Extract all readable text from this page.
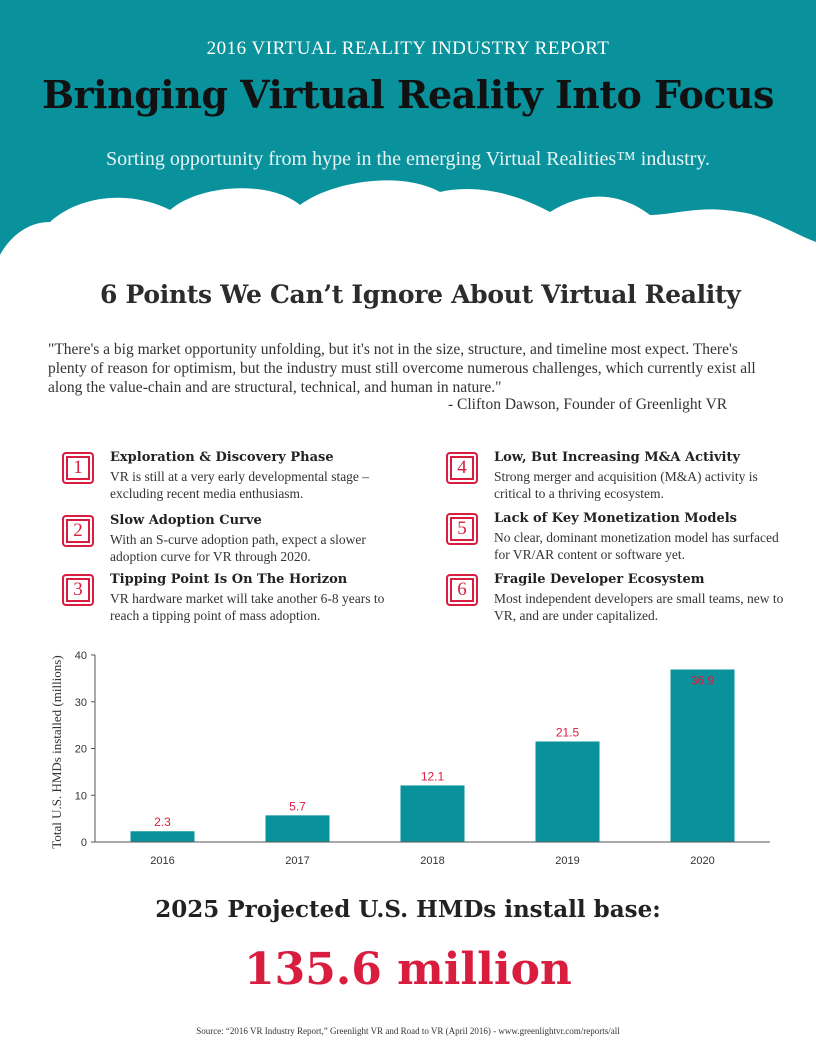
2016 VIRTUAL REALITY INDUSTRY REPORT
Bringing Virtual Reality Into Focus
Sorting opportunity from hype in the emerging Virtual Realities™ industry.
6 Points We Can’t Ignore About Virtual Reality
"There's a big market opportunity unfolding, but it's not in the size, structure, and timeline most expect. There's plenty of reason for optimism, but the industry must still overcome numerous challenges, which currently exist all along the value-chain and are structural, technical, and human in nature."
- Clifton Dawson, Founder of Greenlight VR
1	Exploration & Discovery Phase
VR is still at a very early developmental stage – excluding recent media enthusiasm.
2	Slow Adoption Curve
With an S-curve adoption path, expect a slower adoption curve for VR through 2020.
3	Tipping Point Is On The Horizon
VR hardware market will take another 6-8 years to reach a tipping point of mass adoption.
4	Low, But Increasing M&A Activity
Strong merger and acquisition (M&A) activity is critical to a thriving ecosystem.
5	Lack of Key Monetization Models
No clear, dominant monetization model has surfaced for VR/AR content or software yet.
6	Fragile Developer Ecosystem
Most independent developers are small teams, new to VR, and are under capitalized.
Total U.S. HMDs installed (millions) 0
10
20
30
40
2.3
5.7
12.1
21.5
36.9
2016	2017	2018	2019	2020
2025 Projected U.S. HMDs install base:
135.6 million
Source: “2016 VR Industry Report,” Greenlight VR and Road to VR (April 2016) - www.greenlightvr.com/reports/all
